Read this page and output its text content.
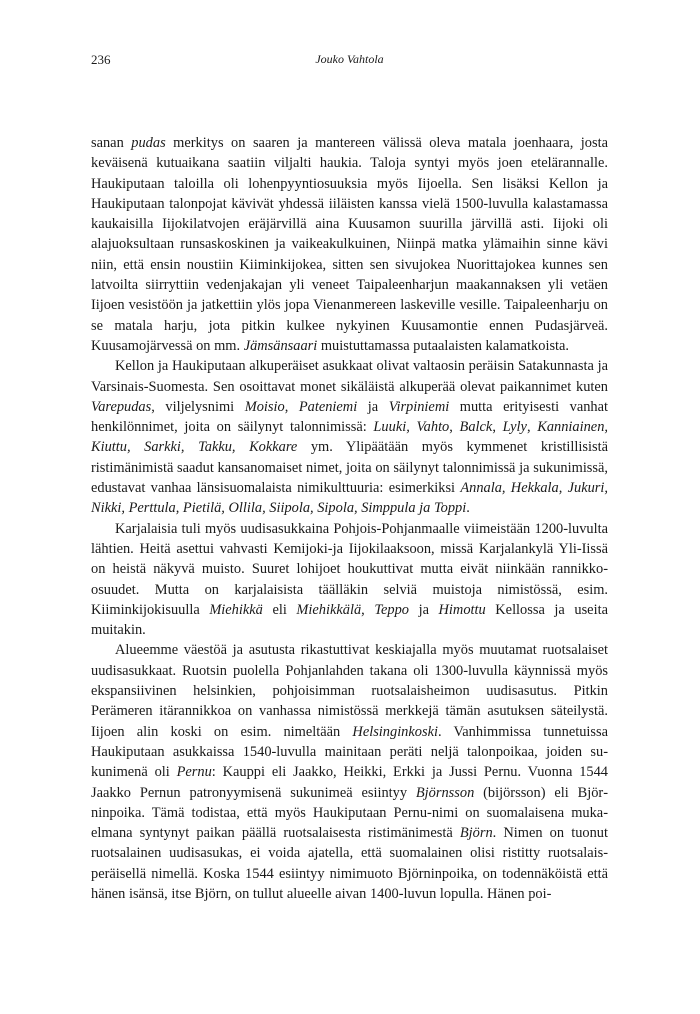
236	Jouko Vahtola

sanan pudas merkitys on saaren ja mantereen välissä oleva matala joenhaara, josta keväisenä kutuaikana saatiin viljalti haukia. Taloja syntyi myös joen etelärannalle. Haukiputaan taloilla oli lohenpyyntiosuuksia myös Iijoella. Sen lisäksi Kellon ja Haukiputaan talonpojat kävivät yhdessä iiläisten kanssa vielä 1500-luvulla kalastamassa kaukaisilla Iijokilatvojen eräjärvillä aina Kuusamon suurilla järvillä asti. Iijoki oli alajuoksultaan runsaskoskinen ja vaikeakulkuinen, Niinpä matka ylämaihin sinne kävi niin, että ensin noustiin Kiiminkijokea, sitten sen sivujokea Nuorittajokea kunnes sen latvoilta siirryttiin vedenjakajan yli veneet Taipaleenharjun maakannaksen yli vetäen Iijoen vesistöön ja jatkettiin ylös jopa Vienanmereen laskeville vesille. Taipaleenharju on se matala harju, jota pitkin kulkee nykyinen Kuusamontie ennen Pudasjärveä. Kuusamojärvessä on mm. Jämsänsaari muistuttamassa putaalaisten kalamatkoista.

Kellon ja Haukiputaan alkuperäiset asukkaat olivat valtaosin peräisin Satakunnasta ja Varsinais-Suomesta. Sen osoittavat monet sikäläistä alkuperää olevat paikannimet kuten Varepudas, viljelysnimi Moisio, Pateniemi ja Virpiniemi mutta erityisesti vanhat henkilönnimet, joita on säilynyt talonnimissä: Luuki, Vahto, Balck, Lyly, Kanniainen, Kiuttu, Sarkki, Takku, Kokkare ym. Ylipäätään myös kymmenet kristillisistä ristimänimistä saadut kansanomaiset nimet, joita on säilynyt talonnimissä ja sukunimissä, edustavat vanhaa länsisuomalaista nimikulttuuria: esimerkiksi Annala, Hekkala, Jukuri, Nikki, Perttula, Pietilä, Ollila, Siipola, Sipola, Simppula ja Toppi.

Karjalaisia tuli myös uudisasukkaina Pohjois-Pohjanmaalle viimeistään 1200-luvulta lähtien. Heitä asettui vahvasti Kemijoki-ja Iijokilaaksoon, missä Karjalankylä Yli-Iissä on heistä näkyvä muisto. Suuret lohijoet houkuttivat mutta eivät niinkään rannikko-osuudet. Mutta on karjalaisista täälläkin selviä muistoja nimistössä, esim. Kiiminkijokisuulla Miehikkä eli Miehikkälä, Teppo ja Himottu Kellossa ja useita muitakin.

Alueemme väestöä ja asutusta rikastuttivat keskiajalla myös muutamat ruotsalaiset uudisasukkaat. Ruotsin puolella Pohjanlahden takana oli 1300-luvulla käynnissä myös ekspansiivinen helsinkien, pohjoisimman ruotsalaisheimon uudisasutus. Pitkin Perämeren itärannikkoa on vanhassa nimistössä merkkejä tämän asutuksen säteilystä. Iijoen alin koski on esim. nimeltään Helsinginkoski. Vanhimmissa tunnetuissa Haukiputaan asukkaissa 1540-luvulla mainitaan peräti neljä talonpoikaa, joiden sukunimenä oli Pernu: Kauppi eli Jaakko, Heikki, Erkki ja Jussi Pernu. Vuonna 1544 Jaakko Pernun patronyymisenä sukunimeä esiintyy Björnsson (bijörsson) eli Björninpoika. Tämä todistaa, että myös Haukiputaan Pernu-nimi on suomalaisena mukaelmana syntynyt paikan päällä ruotsalaisesta ristimänimestä Björn. Nimen on tuonut ruotsalainen uudisasukas, ei voida ajatella, että suomalainen olisi ristitty ruotsalaisperäisellä nimellä. Koska 1544 esiintyy nimimuoto Björninpoika, on todennäköistä että hänen isänsä, itse Björn, on tullut alueelle aivan 1400-luvun lopulla. Hänen poi-
